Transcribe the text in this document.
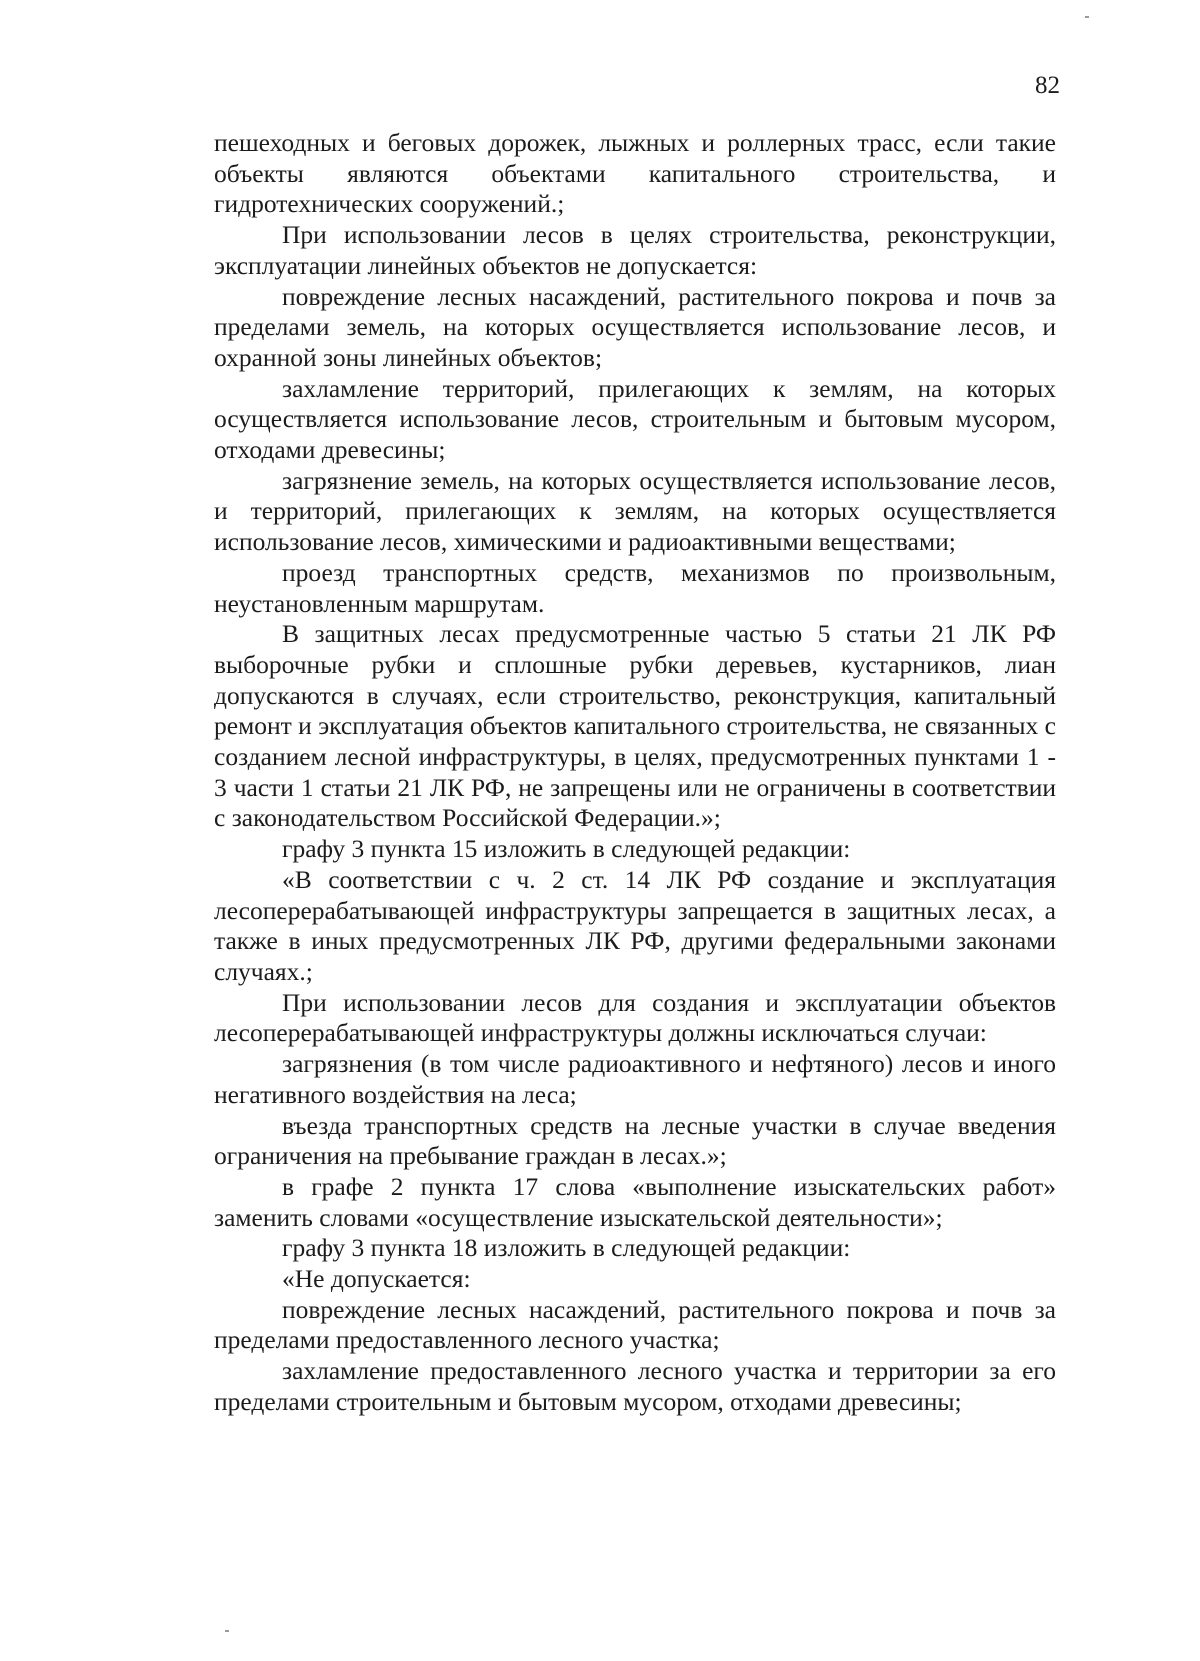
82

пешеходных и беговых дорожек, лыжных и роллерных трасс, если такие объекты являются объектами капитального строительства, и гидротехнических сооружений.;

При использовании лесов в целях строительства, реконструкции, эксплуатации линейных объектов не допускается:

повреждение лесных насаждений, растительного покрова и почв за пределами земель, на которых осуществляется использование лесов, и охранной зоны линейных объектов;

захламление территорий, прилегающих к землям, на которых осуществляется использование лесов, строительным и бытовым мусором, отходами древесины;

загрязнение земель, на которых осуществляется использование лесов, и территорий, прилегающих к землям, на которых осуществляется использование лесов, химическими и радиоактивными веществами;

проезд транспортных средств, механизмов по произвольным, неустановленным маршрутам.

В защитных лесах предусмотренные частью 5 статьи 21 ЛК РФ выборочные рубки и сплошные рубки деревьев, кустарников, лиан допускаются в случаях, если строительство, реконструкция, капитальный ремонт и эксплуатация объектов капитального строительства, не связанных с созданием лесной инфраструктуры, в целях, предусмотренных пунктами 1 - 3 части 1 статьи 21 ЛК РФ, не запрещены или не ограничены в соответствии с законодательством Российской Федерации.»;

графу 3 пункта 15 изложить в следующей редакции:

«В соответствии с ч. 2 ст. 14 ЛК РФ создание и эксплуатация лесоперерабатывающей инфраструктуры запрещается в защитных лесах, а также в иных предусмотренных ЛК РФ, другими федеральными законами случаях.;

При использовании лесов для создания и эксплуатации объектов лесоперерабатывающей инфраструктуры должны исключаться случаи:

загрязнения (в том числе радиоактивного и нефтяного) лесов и иного негативного воздействия на леса;

въезда транспортных средств на лесные участки в случае введения ограничения на пребывание граждан в лесах.»;

в графе 2 пункта 17 слова «выполнение изыскательских работ» заменить словами «осуществление изыскательской деятельности»;

графу 3 пункта 18 изложить в следующей редакции:

«Не допускается:

повреждение лесных насаждений, растительного покрова и почв за пределами предоставленного лесного участка;

захламление предоставленного лесного участка и территории за его пределами строительным и бытовым мусором, отходами древесины;
